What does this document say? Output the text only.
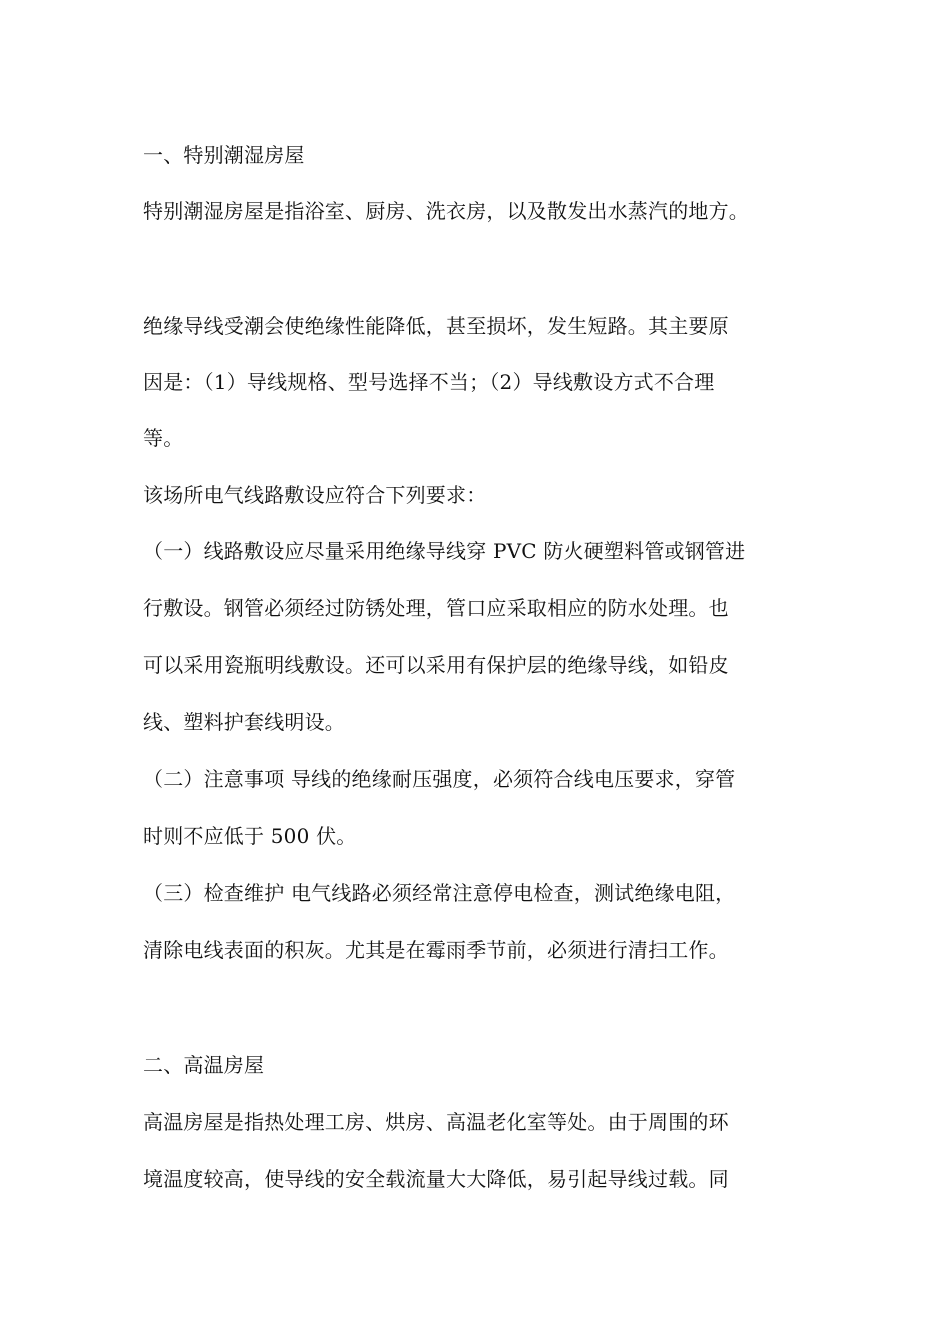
一、特别潮湿房屋
特别潮湿房屋是指浴室、厨房、洗衣房，以及散发出水蒸汽的地方。
绝缘导线受潮会使绝缘性能降低，甚至损坏，发生短路。其主要原
因是：（1）导线规格、型号选择不当；（2）导线敷设方式不合理
等。
该场所电气线路敷设应符合下列要求：
（一）线路敷设应尽量采用绝缘导线穿 PVC 防火硬塑料管或钢管进
行敷设。钢管必须经过防锈处理，管口应采取相应的防水处理。也
可以采用瓷瓶明线敷设。还可以采用有保护层的绝缘导线，如铅皮
线、塑料护套线明设。
（二）注意事项 导线的绝缘耐压强度，必须符合线电压要求，穿管
时则不应低于 500 伏。
（三）检查维护 电气线路必须经常注意停电检查，测试绝缘电阻，
清除电线表面的积灰。尤其是在霉雨季节前，必须进行清扫工作。
二、高温房屋
高温房屋是指热处理工房、烘房、高温老化室等处。由于周围的环
境温度较高，使导线的安全载流量大大降低，易引起导线过载。同
